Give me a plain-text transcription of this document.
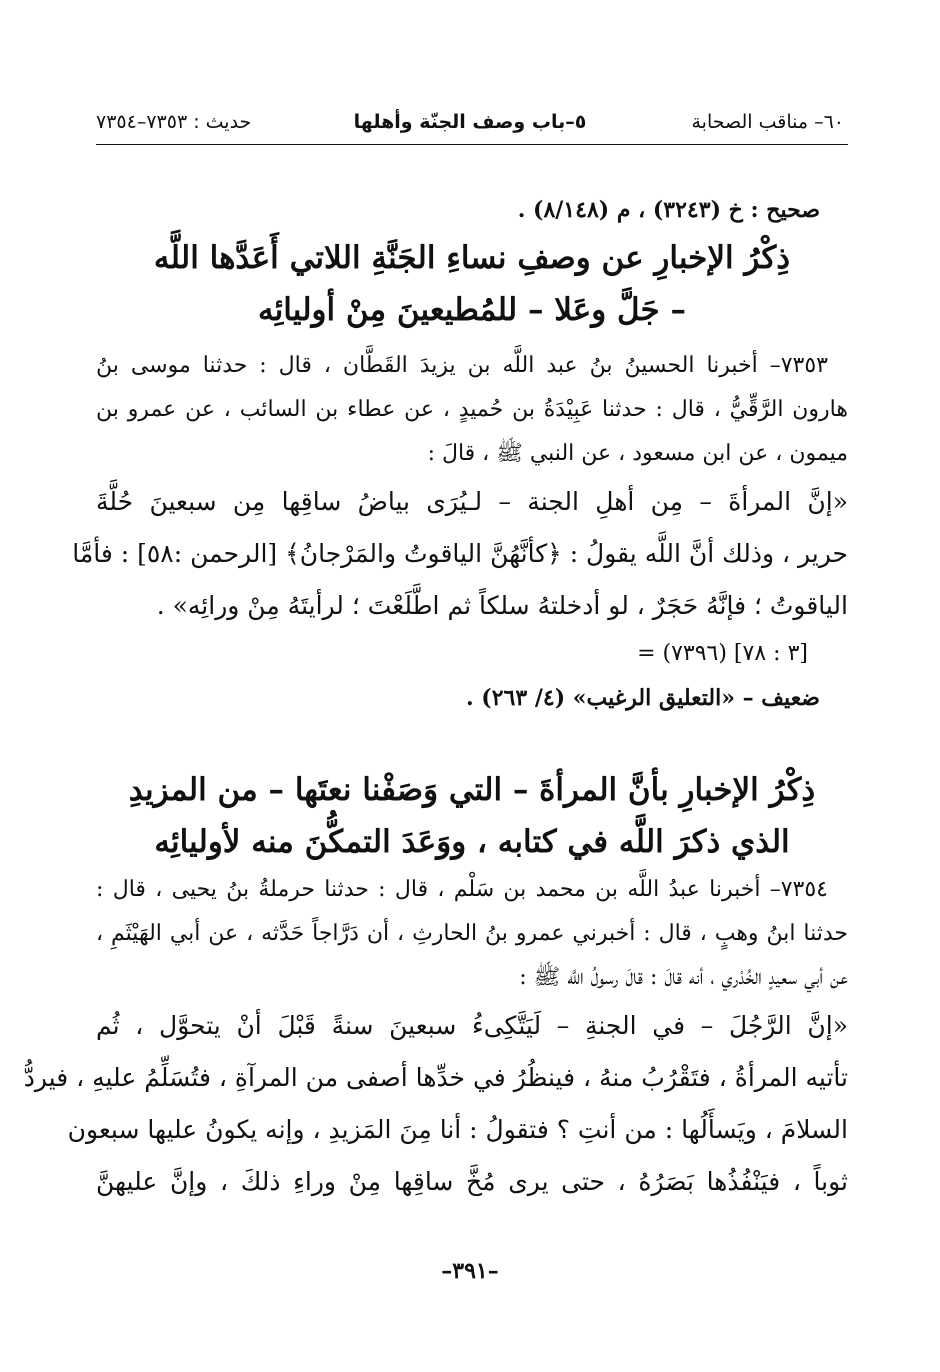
٦٠– مناقب الصحابة
٥–باب وصف الجنّة وأهلها
حديث : ٧٣٥٣–٧٣٥٤
صحيح : خ (٣٢٤٣) ، م (٨/١٤٨) .
ذِكْرُ الإخبارِ عن وصفِ نساءِ الجَنَّةِ اللاتي أَعَدَّها اللَّه
– جَلَّ وعَلا – للمُطيعينَ مِنْ أوليائِه
٧٣٥٣– أخبرنا الحسينُ بنُ عبد اللَّه بن يزيدَ القَطَّان ، قال : حدثنا موسى بنُ
هارون الرَّقِّيُّ ، قال : حدثنا عَبِيْدَةُ بن حُميدٍ ، عن عطاء بن السائب ، عن عمرو بن
ميمون ، عن ابن مسعود ، عن النبي ﷺ ، قالَ :
«إنَّ المرأةَ – مِن أهلِ الجنة – لـيُرَى بياضُ ساقِها مِن سبعينَ حُلَّةَ
حرير ، وذلك أنَّ اللَّه يقولُ : ﴿كأنَّهُنَّ الياقوتُ والمَرْجانُ﴾ [الرحمن :٥٨] : فأمَّا
الياقوتُ ؛ فإنَّهُ حَجَرٌ ، لو أدخلتهُ سلكاً ثم اطَّلَعْتَ ؛ لرأيتَهُ مِنْ ورائِه» .
= (٧٣٩٦) [٣ : ٧٨]
ضعيف – «التعليق الرغيب» (٤/ ٢٦٣) .
ذِكْرُ الإخبارِ بأنَّ المرأةَ – التي وَصَفْنا نعتَها – من المزيدِ
الذي ذكرَ اللَّه في كتابه ، ووَعَدَ التمكُّنَ منه لأوليائِه
٧٣٥٤– أخبرنا عبدُ اللَّه بن محمد بن سَلْم ، قال : حدثنا حرملةُ بنُ يحيى ، قال :
حدثنا ابنُ وهبٍ ، قال : أخبرني عمرو بنُ الحارثِ ، أن دَرَّاجاً حَدَّثه ، عن أبي الهَيْثَمِ ،
عن أبي سعيدٍ الخُدْري ، أنه قالَ : قالَ رسولُ اللَّه ﷺ :
«إنَّ الرَّجُلَ – في الجنةِ – لَيَتَّكِىءُ سبعينَ سنةً قَبْلَ أنْ يتحوَّل ، ثُم
تأتيه المرأةُ ، فتَقْرُبُ منهُ ، فينظُرُ في خدِّها أصفى من المرآةِ ، فتُسَلِّمُ عليهِ ، فيردُّ
السلامَ ، ويَسأَلُها : من أنتِ ؟ فتقولُ : أنا مِنَ المَزيدِ ، وإنه يكونُ عليها سبعون
ثوباً ، فيَنْفُذُها بَصَرُهُ ، حتى يرى مُخَّ ساقِها مِنْ وراءِ ذلكَ ، وإنَّ عليهنَّ
–٣٩١–
